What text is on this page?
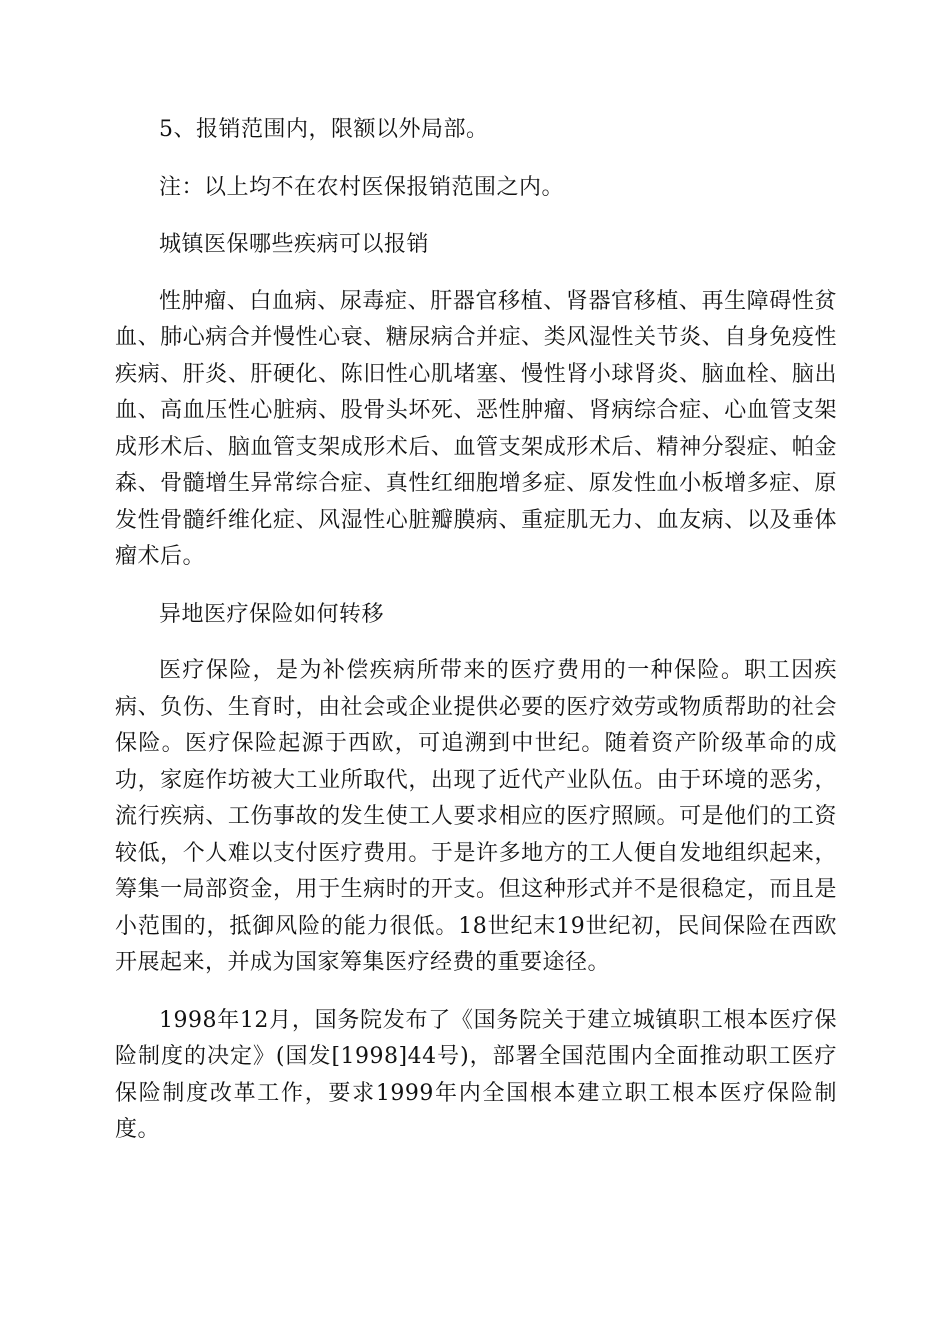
5、报销范围内，限额以外局部。

注：以上均不在农村医保报销范围之内。

城镇医保哪些疾病可以报销

性肿瘤、白血病、尿毒症、肝器官移植、肾器官移植、再生障碍性贫血、肺心病合并慢性心衰、糖尿病合并症、类风湿性关节炎、自身免疫性疾病、肝炎、肝硬化、陈旧性心肌堵塞、慢性肾小球肾炎、脑血栓、脑出血、高血压性心脏病、股骨头坏死、恶性肿瘤、肾病综合症、心血管支架成形术后、脑血管支架成形术后、血管支架成形术后、精神分裂症、帕金森、骨髓增生异常综合症、真性红细胞增多症、原发性血小板增多症、原发性骨髓纤维化症、风湿性心脏瓣膜病、重症肌无力、血友病、以及垂体瘤术后。

异地医疗保险如何转移

医疗保险，是为补偿疾病所带来的医疗费用的一种保险。职工因疾病、负伤、生育时，由社会或企业提供必要的医疗效劳或物质帮助的社会保险。医疗保险起源于西欧，可追溯到中世纪。随着资产阶级革命的成功，家庭作坊被大工业所取代，出现了近代产业队伍。由于环境的恶劣，流行疾病、工伤事故的发生使工人要求相应的医疗照顾。可是他们的工资较低，个人难以支付医疗费用。于是许多地方的工人便自发地组织起来，筹集一局部资金，用于生病时的开支。但这种形式并不是很稳定，而且是小范围的，抵御风险的能力很低。18世纪末19世纪初，民间保险在西欧开展起来，并成为国家筹集医疗经费的重要途径。

1998年12月，国务院发布了《国务院关于建立城镇职工根本医疗保险制度的决定》(国发[1998]44号)，部署全国范围内全面推动职工医疗保险制度改革工作，要求1999年内全国根本建立职工根本医疗保险制度。
